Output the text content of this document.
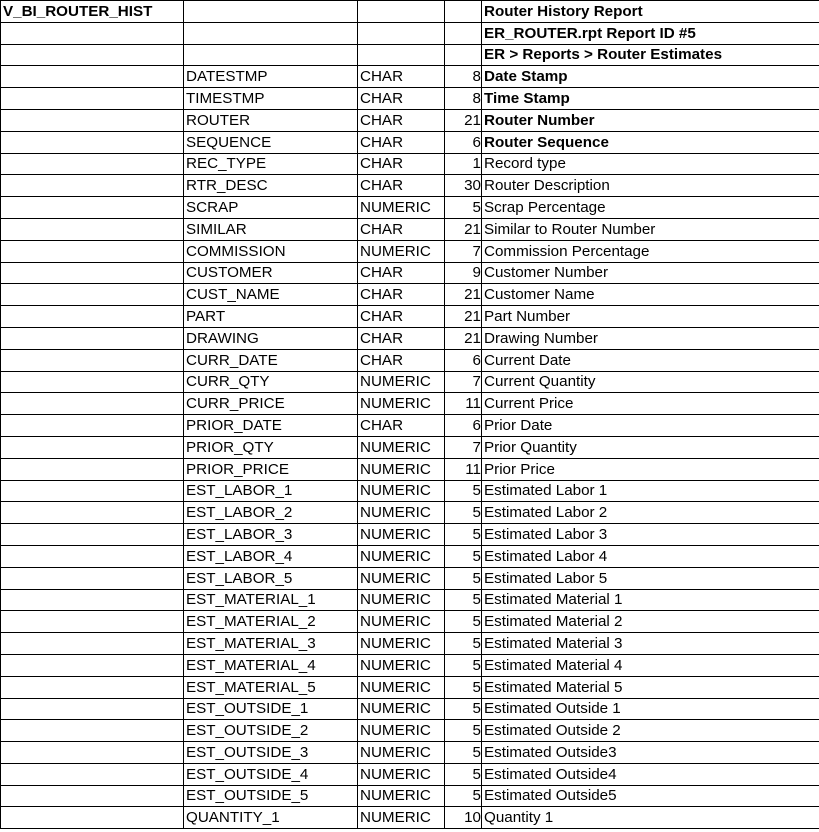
V_BI_ROUTER_HIST				Router History Report
				ER_ROUTER.rpt Report ID #5
				ER > Reports > Router Estimates
	DATESTMP	CHAR	8	Date Stamp
	TIMESTMP	CHAR	8	Time Stamp
	ROUTER	CHAR	21	Router Number
	SEQUENCE	CHAR	6	Router Sequence
	REC_TYPE	CHAR	1	Record type
	RTR_DESC	CHAR	30	Router Description
	SCRAP	NUMERIC	5	Scrap Percentage
	SIMILAR	CHAR	21	Similar to Router Number
	COMMISSION	NUMERIC	7	Commission Percentage
	CUSTOMER	CHAR	9	Customer Number
	CUST_NAME	CHAR	21	Customer Name
	PART	CHAR	21	Part Number
	DRAWING	CHAR	21	Drawing Number
	CURR_DATE	CHAR	6	Current Date
	CURR_QTY	NUMERIC	7	Current Quantity
	CURR_PRICE	NUMERIC	11	Current Price
	PRIOR_DATE	CHAR	6	Prior Date
	PRIOR_QTY	NUMERIC	7	Prior Quantity
	PRIOR_PRICE	NUMERIC	11	Prior Price
	EST_LABOR_1	NUMERIC	5	Estimated Labor 1
	EST_LABOR_2	NUMERIC	5	Estimated Labor 2
	EST_LABOR_3	NUMERIC	5	Estimated Labor 3
	EST_LABOR_4	NUMERIC	5	Estimated Labor 4
	EST_LABOR_5	NUMERIC	5	Estimated Labor 5
	EST_MATERIAL_1	NUMERIC	5	Estimated Material 1
	EST_MATERIAL_2	NUMERIC	5	Estimated Material 2
	EST_MATERIAL_3	NUMERIC	5	Estimated Material 3
	EST_MATERIAL_4	NUMERIC	5	Estimated Material 4
	EST_MATERIAL_5	NUMERIC	5	Estimated Material 5
	EST_OUTSIDE_1	NUMERIC	5	Estimated Outside 1
	EST_OUTSIDE_2	NUMERIC	5	Estimated Outside 2
	EST_OUTSIDE_3	NUMERIC	5	Estimated Outside3
	EST_OUTSIDE_4	NUMERIC	5	Estimated Outside4
	EST_OUTSIDE_5	NUMERIC	5	Estimated Outside5
	QUANTITY_1	NUMERIC	10	Quantity 1
